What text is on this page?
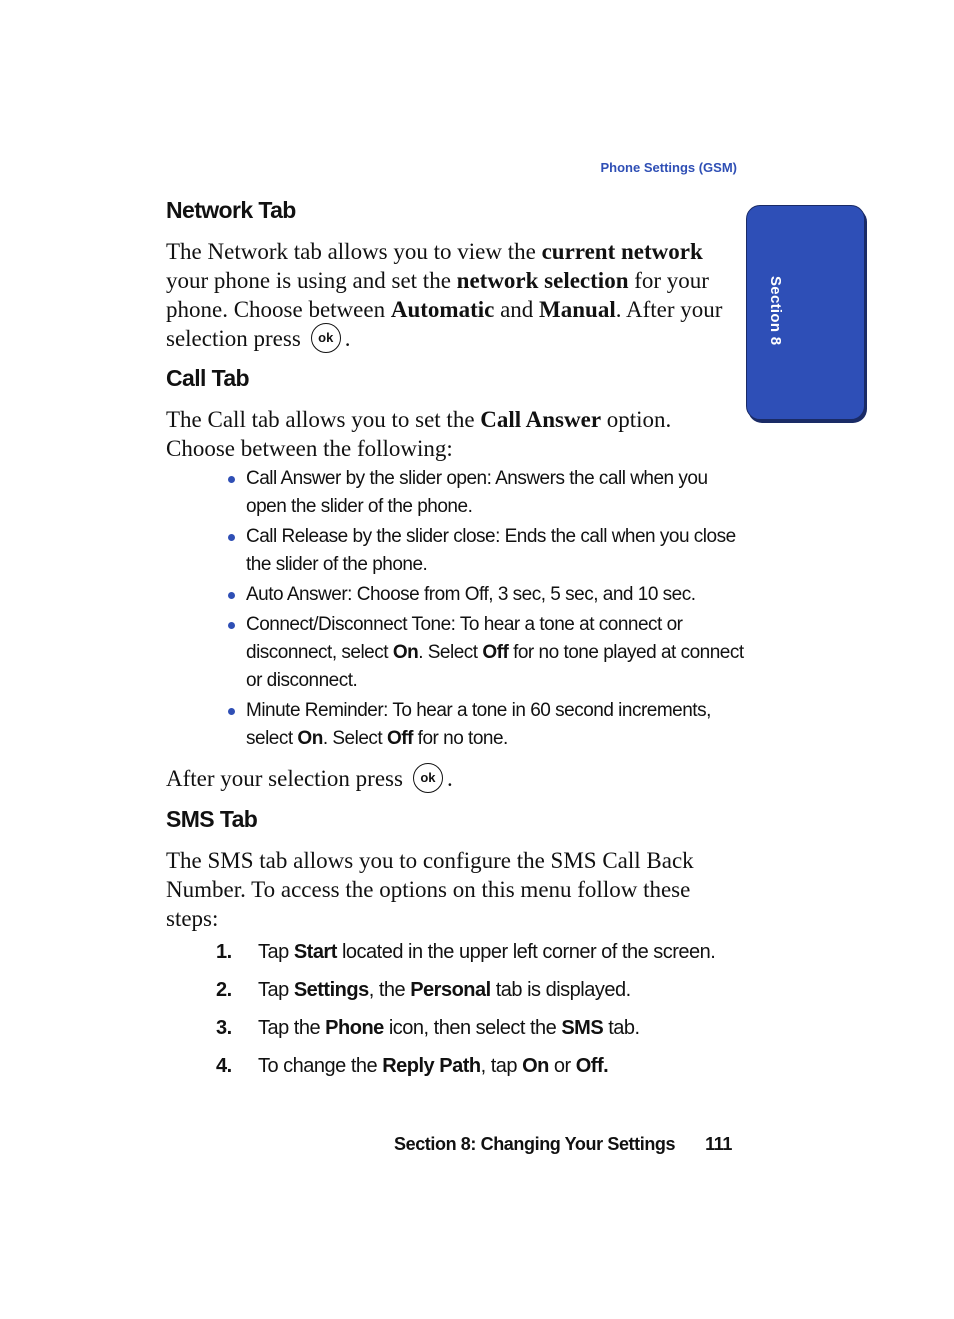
Phone Settings (GSM)
Section 8
Network Tab

The Network tab allows you to view the current network your phone is using and set the network selection for your phone. Choose between Automatic and Manual. After your selection press ok .

Call Tab

The Call tab allows you to set the Call Answer option. Choose between the following:

Call Answer by the slider open: Answers the call when you open the slider of the phone.
Call Release by the slider close: Ends the call when you close the slider of the phone.
Auto Answer: Choose from Off, 3 sec, 5 sec, and 10 sec.
Connect/Disconnect Tone: To hear a tone at connect or disconnect, select On. Select Off for no tone played at connect or disconnect.
Minute Reminder: To hear a tone in 60 second increments, select On. Select Off for no tone.

After your selection press ok .

SMS Tab

The SMS tab allows you to configure the SMS Call Back Number. To access the options on this menu follow these steps:

1. Tap Start located in the upper left corner of the screen.
2. Tap Settings, the Personal tab is displayed.
3. Tap the Phone icon, then select the SMS tab.
4. To change the Reply Path, tap On or Off.
Section 8: Changing Your Settings 111
